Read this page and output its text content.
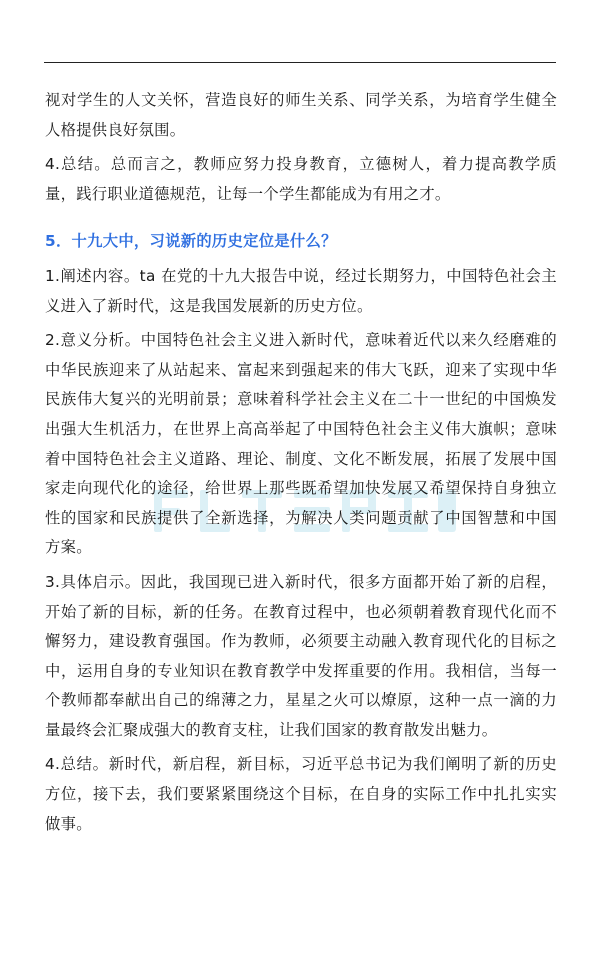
视对学生的人文关怀，营造良好的师生关系、同学关系，为培育学生健全人格提供良好氛围。

4.总结。总而言之，教师应努力投身教育，立德树人，着力提高教学质量，践行职业道德规范，让每一个学生都能成为有用之才。

5．十九大中，习说新的历史定位是什么？

1.阐述内容。ta 在党的十九大报告中说，经过长期努力，中国特色社会主义进入了新时代，这是我国发展新的历史方位。

2.意义分析。中国特色社会主义进入新时代，意味着近代以来久经磨难的中华民族迎来了从站起来、富起来到强起来的伟大飞跃，迎来了实现中华民族伟大复兴的光明前景；意味着科学社会主义在二十一世纪的中国焕发出强大生机活力，在世界上高高举起了中国特色社会主义伟大旗帜；意味着中国特色社会主义道路、理论、制度、文化不断发展，拓展了发展中国家走向现代化的途径，给世界上那些既希望加快发展又希望保持自身独立性的国家和民族提供了全新选择，为解决人类问题贡献了中国智慧和中国方案。

3.具体启示。因此，我国现已进入新时代，很多方面都开始了新的启程，开始了新的目标，新的任务。在教育过程中，也必须朝着教育现代化而不懈努力，建设教育强国。作为教师，必须要主动融入教育现代化的目标之中，运用自身的专业知识在教育教学中发挥重要的作用。我相信，当每一个教师都奉献出自己的绵薄之力，星星之火可以燎原，这种一点一滴的力量最终会汇聚成强大的教育支柱，让我们国家的教育散发出魅力。

4.总结。新时代，新启程，新目标，习近平总书记为我们阐明了新的历史方位，接下去，我们要紧紧围绕这个目标，在自身的实际工作中扎扎实实做事。
